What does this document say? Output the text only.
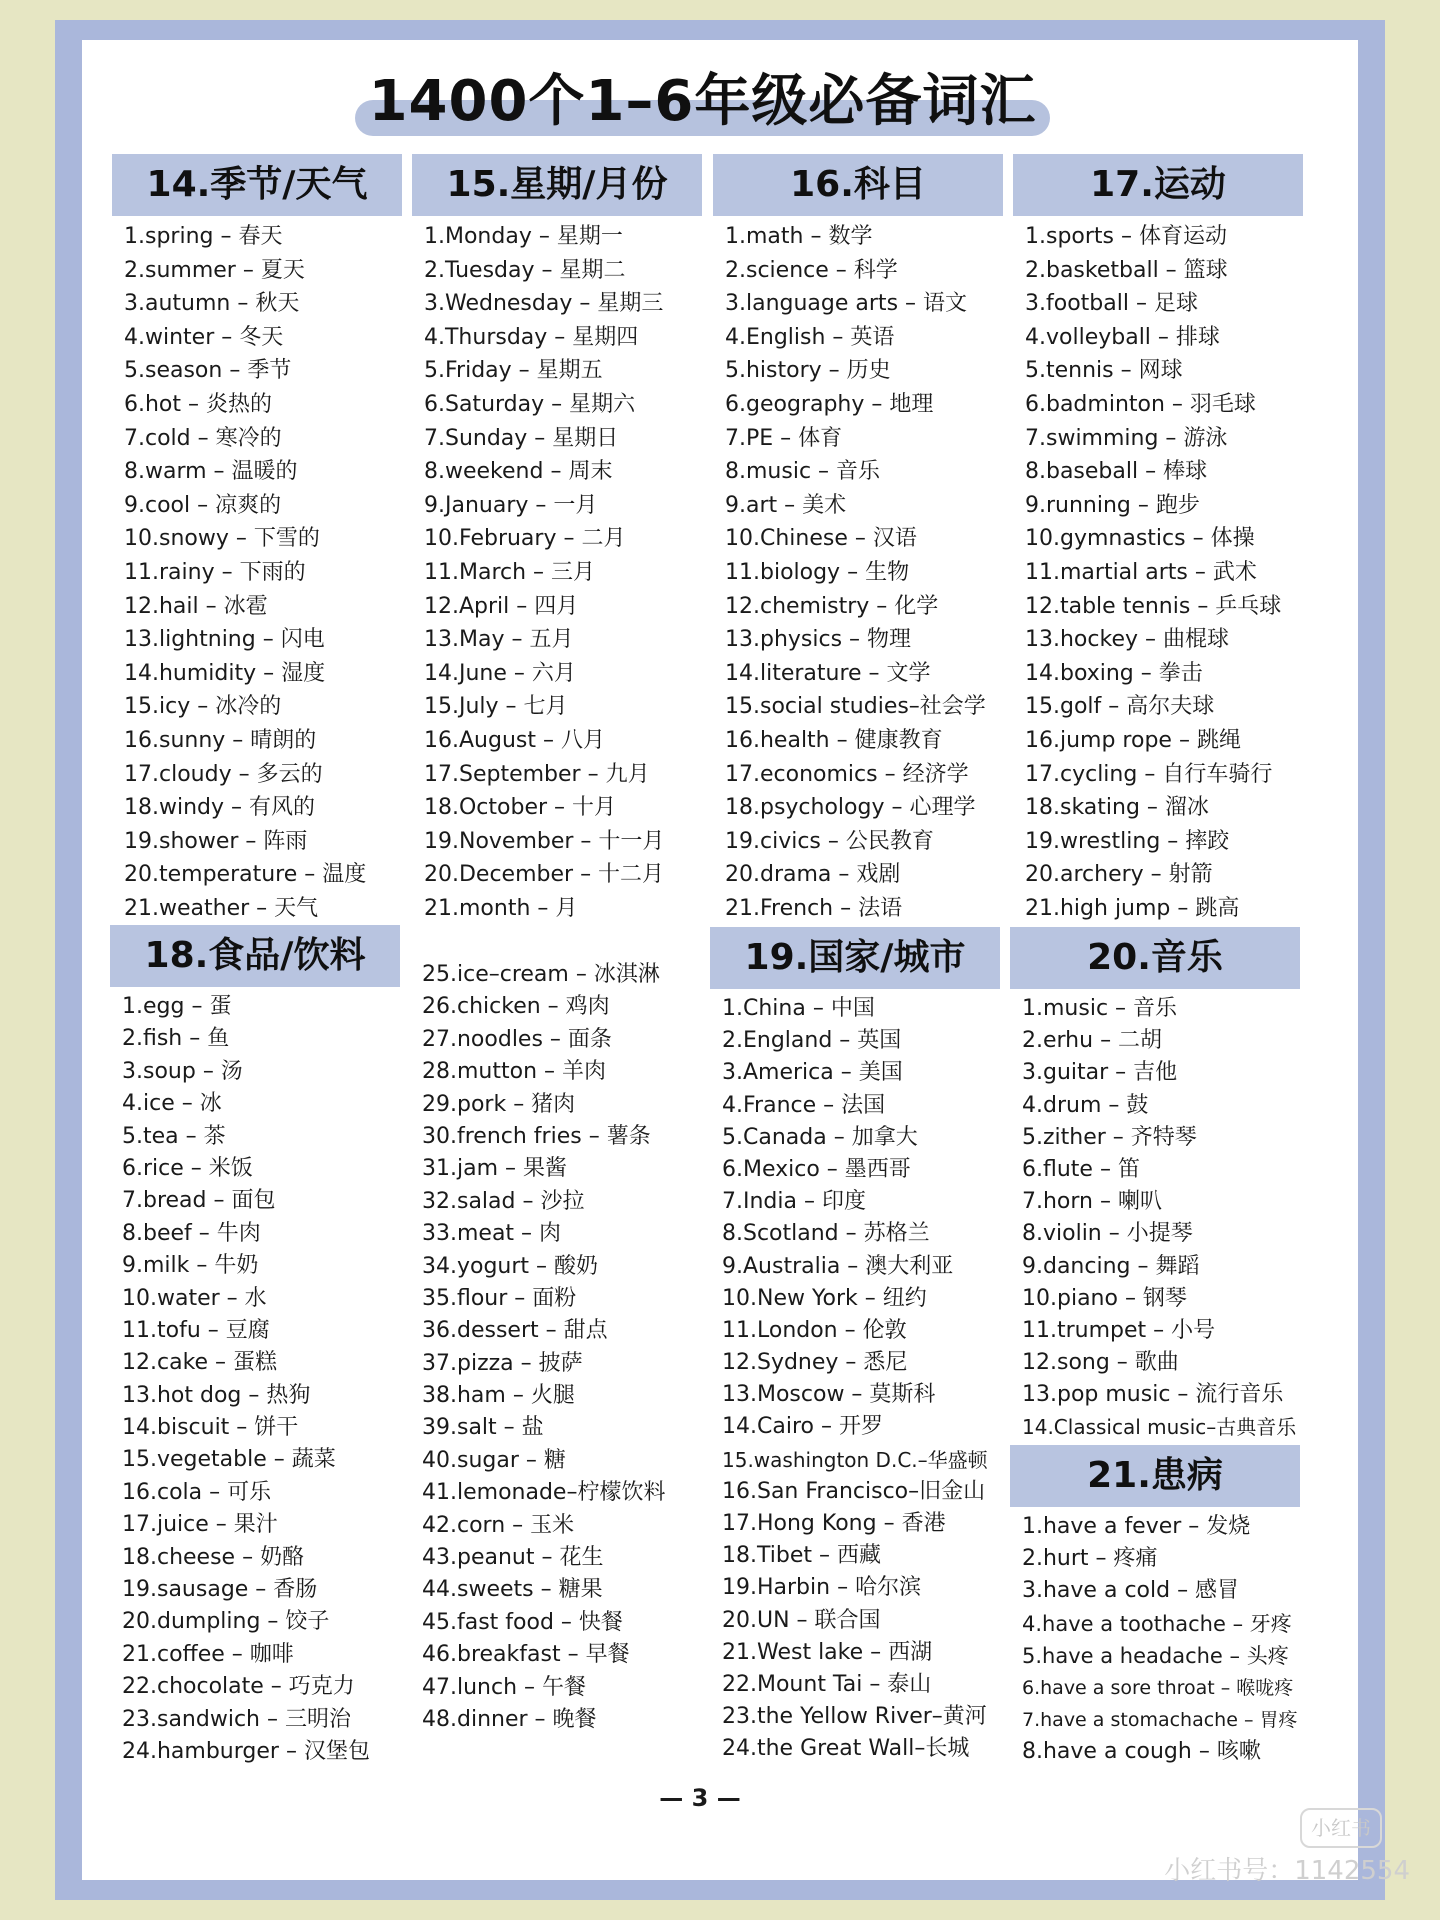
1400个1–6年级必备词汇
14.季节/天气
1.spring – 春天
2.summer – 夏天
3.autumn – 秋天
4.winter – 冬天
5.season – 季节
6.hot – 炎热的
7.cold – 寒冷的
8.warm – 温暖的
9.cool – 凉爽的
10.snowy – 下雪的
11.rainy – 下雨的
12.hail – 冰雹
13.lightning – 闪电
14.humidity – 湿度
15.icy – 冰冷的
16.sunny – 晴朗的
17.cloudy – 多云的
18.windy – 有风的
19.shower – 阵雨
20.temperature – 温度
21.weather – 天气
15.星期/月份
1.Monday – 星期一
2.Tuesday – 星期二
3.Wednesday – 星期三
4.Thursday – 星期四
5.Friday – 星期五
6.Saturday – 星期六
7.Sunday – 星期日
8.weekend – 周末
9.January – 一月
10.February – 二月
11.March – 三月
12.April – 四月
13.May – 五月
14.June – 六月
15.July – 七月
16.August – 八月
17.September – 九月
18.October – 十月
19.November – 十一月
20.December – 十二月
21.month – 月
16.科目
1.math – 数学
2.science – 科学
3.language arts – 语文
4.English – 英语
5.history – 历史
6.geography – 地理
7.PE – 体育
8.music – 音乐
9.art – 美术
10.Chinese – 汉语
11.biology – 生物
12.chemistry – 化学
13.physics – 物理
14.literature – 文学
15.social studies–社会学
16.health – 健康教育
17.economics – 经济学
18.psychology – 心理学
19.civics – 公民教育
20.drama – 戏剧
21.French – 法语
17.运动
1.sports – 体育运动
2.basketball – 篮球
3.football – 足球
4.volleyball – 排球
5.tennis – 网球
6.badminton – 羽毛球
7.swimming – 游泳
8.baseball – 棒球
9.running – 跑步
10.gymnastics – 体操
11.martial arts – 武术
12.table tennis – 乒乓球
13.hockey – 曲棍球
14.boxing – 拳击
15.golf – 高尔夫球
16.jump rope – 跳绳
17.cycling – 自行车骑行
18.skating – 溜冰
19.wrestling – 摔跤
20.archery – 射箭
21.high jump – 跳高
18.食品/饮料
1.egg – 蛋
2.fish – 鱼
3.soup – 汤
4.ice – 冰
5.tea – 茶
6.rice – 米饭
7.bread – 面包
8.beef – 牛肉
9.milk – 牛奶
10.water – 水
11.tofu – 豆腐
12.cake – 蛋糕
13.hot dog – 热狗
14.biscuit – 饼干
15.vegetable – 蔬菜
16.cola – 可乐
17.juice – 果汁
18.cheese – 奶酪
19.sausage – 香肠
20.dumpling – 饺子
21.coffee – 咖啡
22.chocolate – 巧克力
23.sandwich – 三明治
24.hamburger – 汉堡包
25.ice–cream – 冰淇淋
26.chicken – 鸡肉
27.noodles – 面条
28.mutton – 羊肉
29.pork – 猪肉
30.french fries – 薯条
31.jam – 果酱
32.salad – 沙拉
33.meat – 肉
34.yogurt – 酸奶
35.flour – 面粉
36.dessert – 甜点
37.pizza – 披萨
38.ham – 火腿
39.salt – 盐
40.sugar – 糖
41.lemonade–柠檬饮料
42.corn – 玉米
43.peanut – 花生
44.sweets – 糖果
45.fast food – 快餐
46.breakfast – 早餐
47.lunch – 午餐
48.dinner – 晚餐
19.国家/城市
1.China – 中国
2.England – 英国
3.America – 美国
4.France – 法国
5.Canada – 加拿大
6.Mexico – 墨西哥
7.India – 印度
8.Scotland – 苏格兰
9.Australia – 澳大利亚
10.New York – 纽约
11.London – 伦敦
12.Sydney – 悉尼
13.Moscow – 莫斯科
14.Cairo – 开罗
15.washington D.C.–华盛顿
16.San Francisco–旧金山
17.Hong Kong – 香港
18.Tibet – 西藏
19.Harbin – 哈尔滨
20.UN – 联合国
21.West lake – 西湖
22.Mount Tai – 泰山
23.the Yellow River–黄河
24.the Great Wall–长城
20.音乐
1.music – 音乐
2.erhu – 二胡
3.guitar – 吉他
4.drum – 鼓
5.zither – 齐特琴
6.flute – 笛
7.horn – 喇叭
8.violin – 小提琴
9.dancing – 舞蹈
10.piano – 钢琴
11.trumpet – 小号
12.song – 歌曲
13.pop music – 流行音乐
14.Classical music–古典音乐
21.患病
1.have a fever – 发烧
2.hurt – 疼痛
3.have a cold – 感冒
4.have a toothache – 牙疼
5.have a headache – 头疼
6.have a sore throat – 喉咙疼
7.have a stomachache – 胃疼
8.have a cough – 咳嗽
— 3 —
小红书
小红书号：1142554
